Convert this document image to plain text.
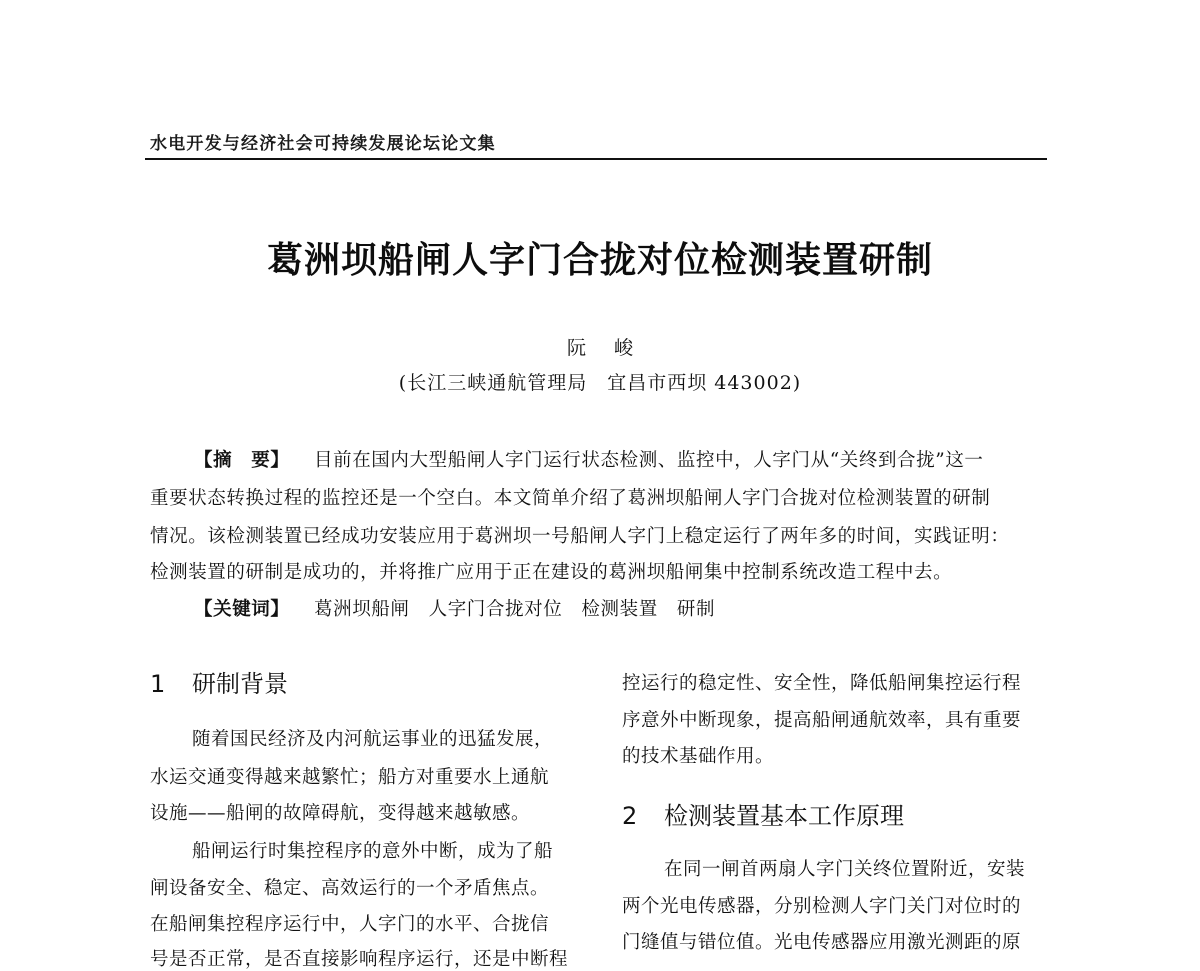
水电开发与经济社会可持续发展论坛论文集
葛洲坝船闸人字门合拢对位检测装置研制
阮峻
(长江三峡通航管理局　宜昌市西坝 443002)
【摘　要】 目前在国内大型船闸人字门运行状态检测、监控中，人字门从“关终到合拢”这一
重要状态转换过程的监控还是一个空白。本文简单介绍了葛洲坝船闸人字门合拢对位检测装置的研制
情况。该检测装置已经成功安装应用于葛洲坝一号船闸人字门上稳定运行了两年多的时间，实践证明：
检测装置的研制是成功的，并将推广应用于正在建设的葛洲坝船闸集中控制系统改造工程中去。
【关键词】 葛洲坝船闸　人字门合拢对位　检测装置　研制
1 研制背景
随着国民经济及内河航运事业的迅猛发展，
水运交通变得越来越繁忙；船方对重要水上通航
设施——船闸的故障碍航，变得越来越敏感。
船闸运行时集控程序的意外中断，成为了船
闸设备安全、稳定、高效运行的一个矛盾焦点。
在船闸集控程序运行中，人字门的水平、合拢信
号是否正常，是否直接影响程序运行，还是中断程
控运行的稳定性、安全性，降低船闸集控运行程
序意外中断现象，提高船闸通航效率，具有重要
的技术基础作用。
2 检测装置基本工作原理
在同一闸首两扇人字门关终位置附近，安装
两个光电传感器，分别检测人字门关门对位时的
门缝值与错位值。光电传感器应用激光测距的原
